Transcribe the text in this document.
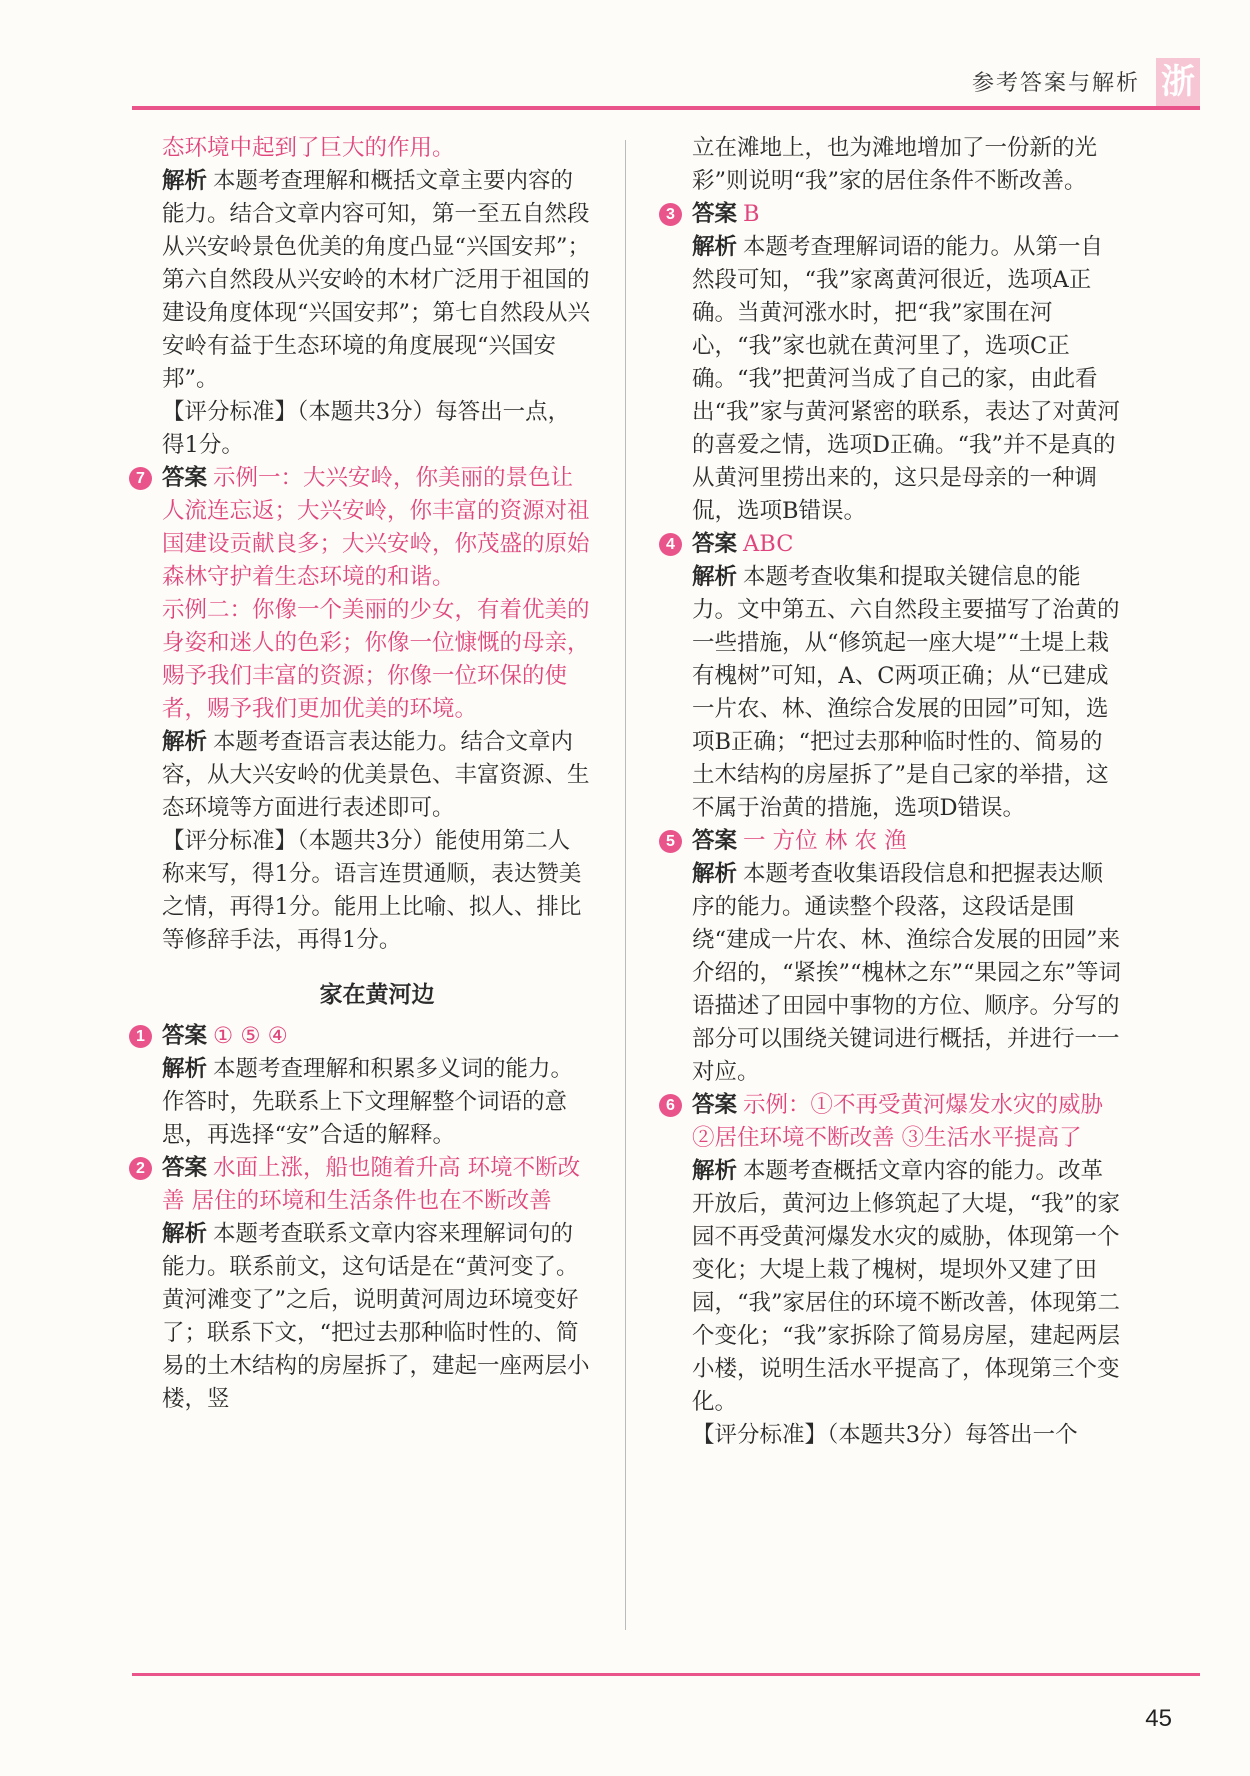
参考答案与解析 浙

态环境中起到了巨大的作用。

解析 本题考查理解和概括文章主要内容的能力。结合文章内容可知，第一至五自然段从兴安岭景色优美的角度凸显“兴国安邦”；第六自然段从兴安岭的木材广泛用于祖国的建设角度体现“兴国安邦”；第七自然段从兴安岭有益于生态环境的角度展现“兴国安邦”。

【评分标准】（本题共3分）每答出一点，得1分。

7 答案 示例一：大兴安岭，你美丽的景色让人流连忘返；大兴安岭，你丰富的资源对祖国建设贡献良多；大兴安岭，你茂盛的原始森林守护着生态环境的和谐。

示例二：你像一个美丽的少女，有着优美的身姿和迷人的色彩；你像一位慷慨的母亲，赐予我们丰富的资源；你像一位环保的使者，赐予我们更加优美的环境。

解析 本题考查语言表达能力。结合文章内容，从大兴安岭的优美景色、丰富资源、生态环境等方面进行表述即可。

【评分标准】（本题共3分）能使用第二人称来写，得1分。语言连贯通顺，表达赞美之情，再得1分。能用上比喻、拟人、排比等修辞手法，再得1分。

家在黄河边
1 答案 ① ⑤ ④

解析 本题考查理解和积累多义词的能力。作答时，先联系上下文理解整个词语的意思，再选择“安”合适的解释。

2 答案 水面上涨，船也随着升高 环境不断改善 居住的环境和生活条件也在不断改善

解析 本题考查联系文章内容来理解词句的能力。联系前文，这句话是在“黄河变了。黄河滩变了”之后，说明黄河周边环境变好了；联系下文，“把过去那种临时性的、简易的土木结构的房屋拆了，建起一座两层小楼，竖

立在滩地上，也为滩地增加了一份新的光彩”则说明“我”家的居住条件不断改善。

3 答案 B

解析 本题考查理解词语的能力。从第一自然段可知，“我”家离黄河很近，选项A正确。当黄河涨水时，把“我”家围在河心，“我”家也就在黄河里了，选项C正确。“我”把黄河当成了自己的家，由此看出“我”家与黄河紧密的联系，表达了对黄河的喜爱之情，选项D正确。“我”并不是真的从黄河里捞出来的，这只是母亲的一种调侃，选项B错误。

4 答案 ABC

解析 本题考查收集和提取关键信息的能力。文中第五、六自然段主要描写了治黄的一些措施，从“修筑起一座大堤”“土堤上栽有槐树”可知，A、C两项正确；从“已建成一片农、林、渔综合发展的田园”可知，选项B正确；“把过去那种临时性的、简易的土木结构的房屋拆了”是自己家的举措，这不属于治黄的措施，选项D错误。

5 答案 一 方位 林 农 渔

解析 本题考查收集语段信息和把握表达顺序的能力。通读整个段落，这段话是围绕“建成一片农、林、渔综合发展的田园”来介绍的，“紧挨”“槐林之东”“果园之东”等词语描述了田园中事物的方位、顺序。分写的部分可以围绕关键词进行概括，并进行一一对应。

6 答案 示例：①不再受黄河爆发水灾的威胁 ②居住环境不断改善 ③生活水平提高了

解析 本题考查概括文章内容的能力。改革开放后，黄河边上修筑起了大堤，“我”的家园不再受黄河爆发水灾的威胁，体现第一个变化；大堤上栽了槐树，堤坝外又建了田园，“我”家居住的环境不断改善，体现第二个变化；“我”家拆除了简易房屋，建起两层小楼，说明生活水平提高了，体现第三个变化。

【评分标准】（本题共3分）每答出一个

45
